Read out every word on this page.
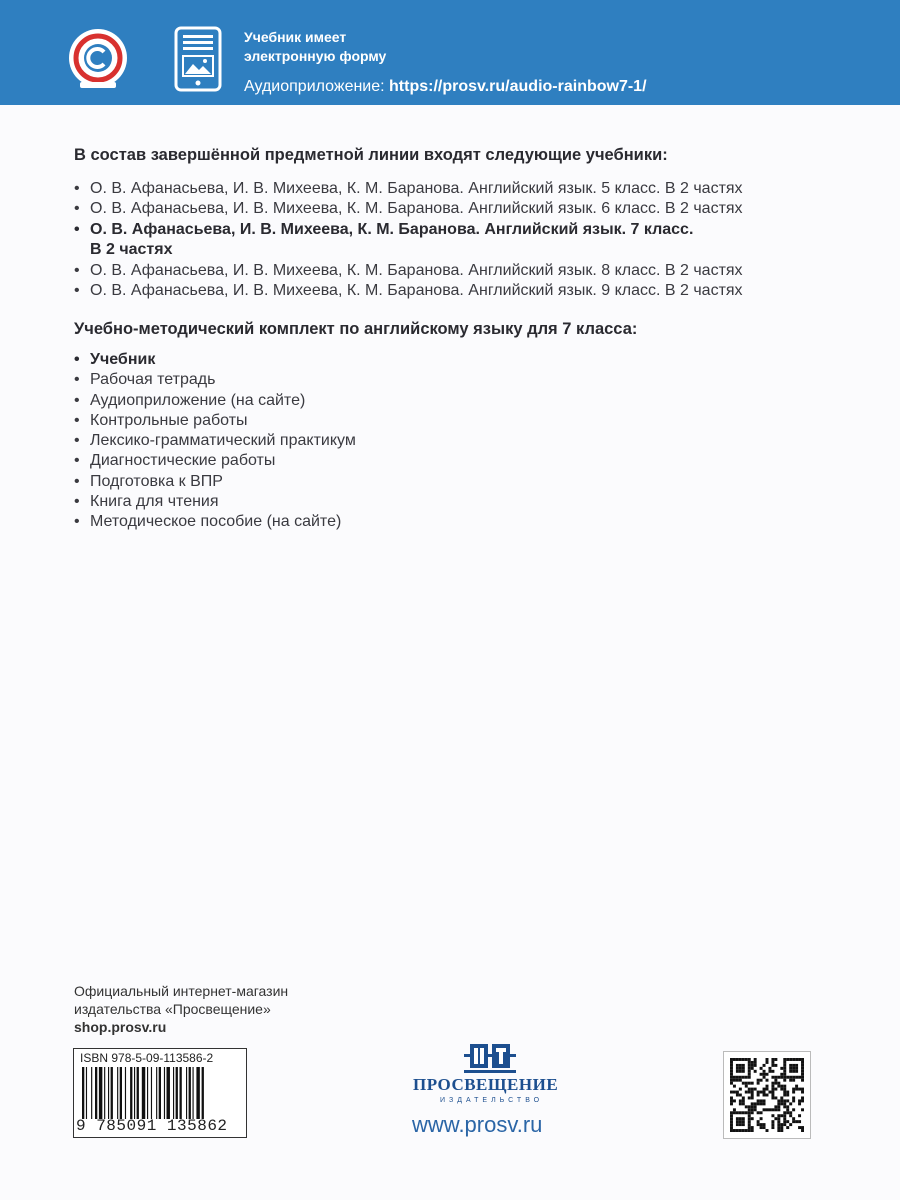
Учебник имеет
электронную форму
Аудиоприложение: https://prosv.ru/audio-rainbow7-1/
В состав завершённой предметной линии входят следующие учебники:
• О. В. Афанасьева, И. В. Михеева, К. М. Баранова. Английский язык. 5 класс. В 2 частях
• О. В. Афанасьева, И. В. Михеева, К. М. Баранова. Английский язык. 6 класс. В 2 частях
• О. В. Афанасьева, И. В. Михеева, К. М. Баранова. Английский язык. 7 класс.
В 2 частях
• О. В. Афанасьева, И. В. Михеева, К. М. Баранова. Английский язык. 8 класс. В 2 частях
• О. В. Афанасьева, И. В. Михеева, К. М. Баранова. Английский язык. 9 класс. В 2 частях
Учебно-методический комплект по английскому языку для 7 класса:
• Учебник
• Рабочая тетрадь
• Аудиоприложение (на сайте)
• Контрольные работы
• Лексико-грамматический практикум
• Диагностические работы
• Подготовка к ВПР
• Книга для чтения
• Методическое пособие (на сайте)
Официальный интернет-магазин
издательства «Просвещение»
shop.prosv.ru
ISBN 978-5-09-113586-2
9 785091 135862
ПРОСВЕЩЕНИЕ
ИЗДАТЕЛЬСТВО
www.prosv.ru
